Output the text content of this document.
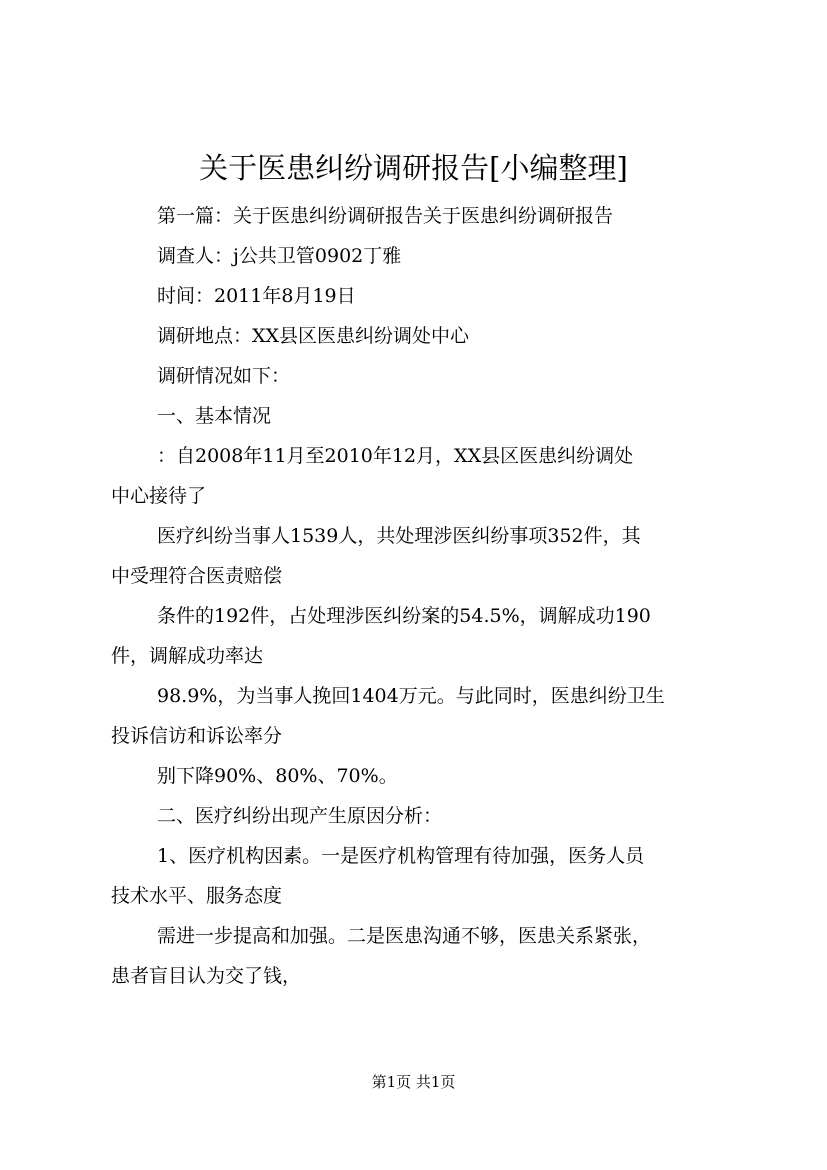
关于医患纠纷调研报告[小编整理]

第一篇：关于医患纠纷调研报告关于医患纠纷调研报告

调查人：j公共卫管0902丁雅

时间：2011年8月19日

调研地点：XX县区医患纠纷调处中心

调研情况如下：

一、基本情况

：自2008年11月至2010年12月，XX县区医患纠纷调处

中心接待了

医疗纠纷当事人1539人，共处理涉医纠纷事项352件，其

中受理符合医责赔偿

条件的192件，占处理涉医纠纷案的54.5%，调解成功190

件，调解成功率达

98.9%，为当事人挽回1404万元。与此同时，医患纠纷卫生

投诉信访和诉讼率分

别下降90%、80%、70%。

二、医疗纠纷出现产生原因分析：

1、医疗机构因素。一是医疗机构管理有待加强，医务人员

技术水平、服务态度

需进一步提高和加强。二是医患沟通不够，医患关系紧张，

患者盲目认为交了钱，

第1页 共1页
